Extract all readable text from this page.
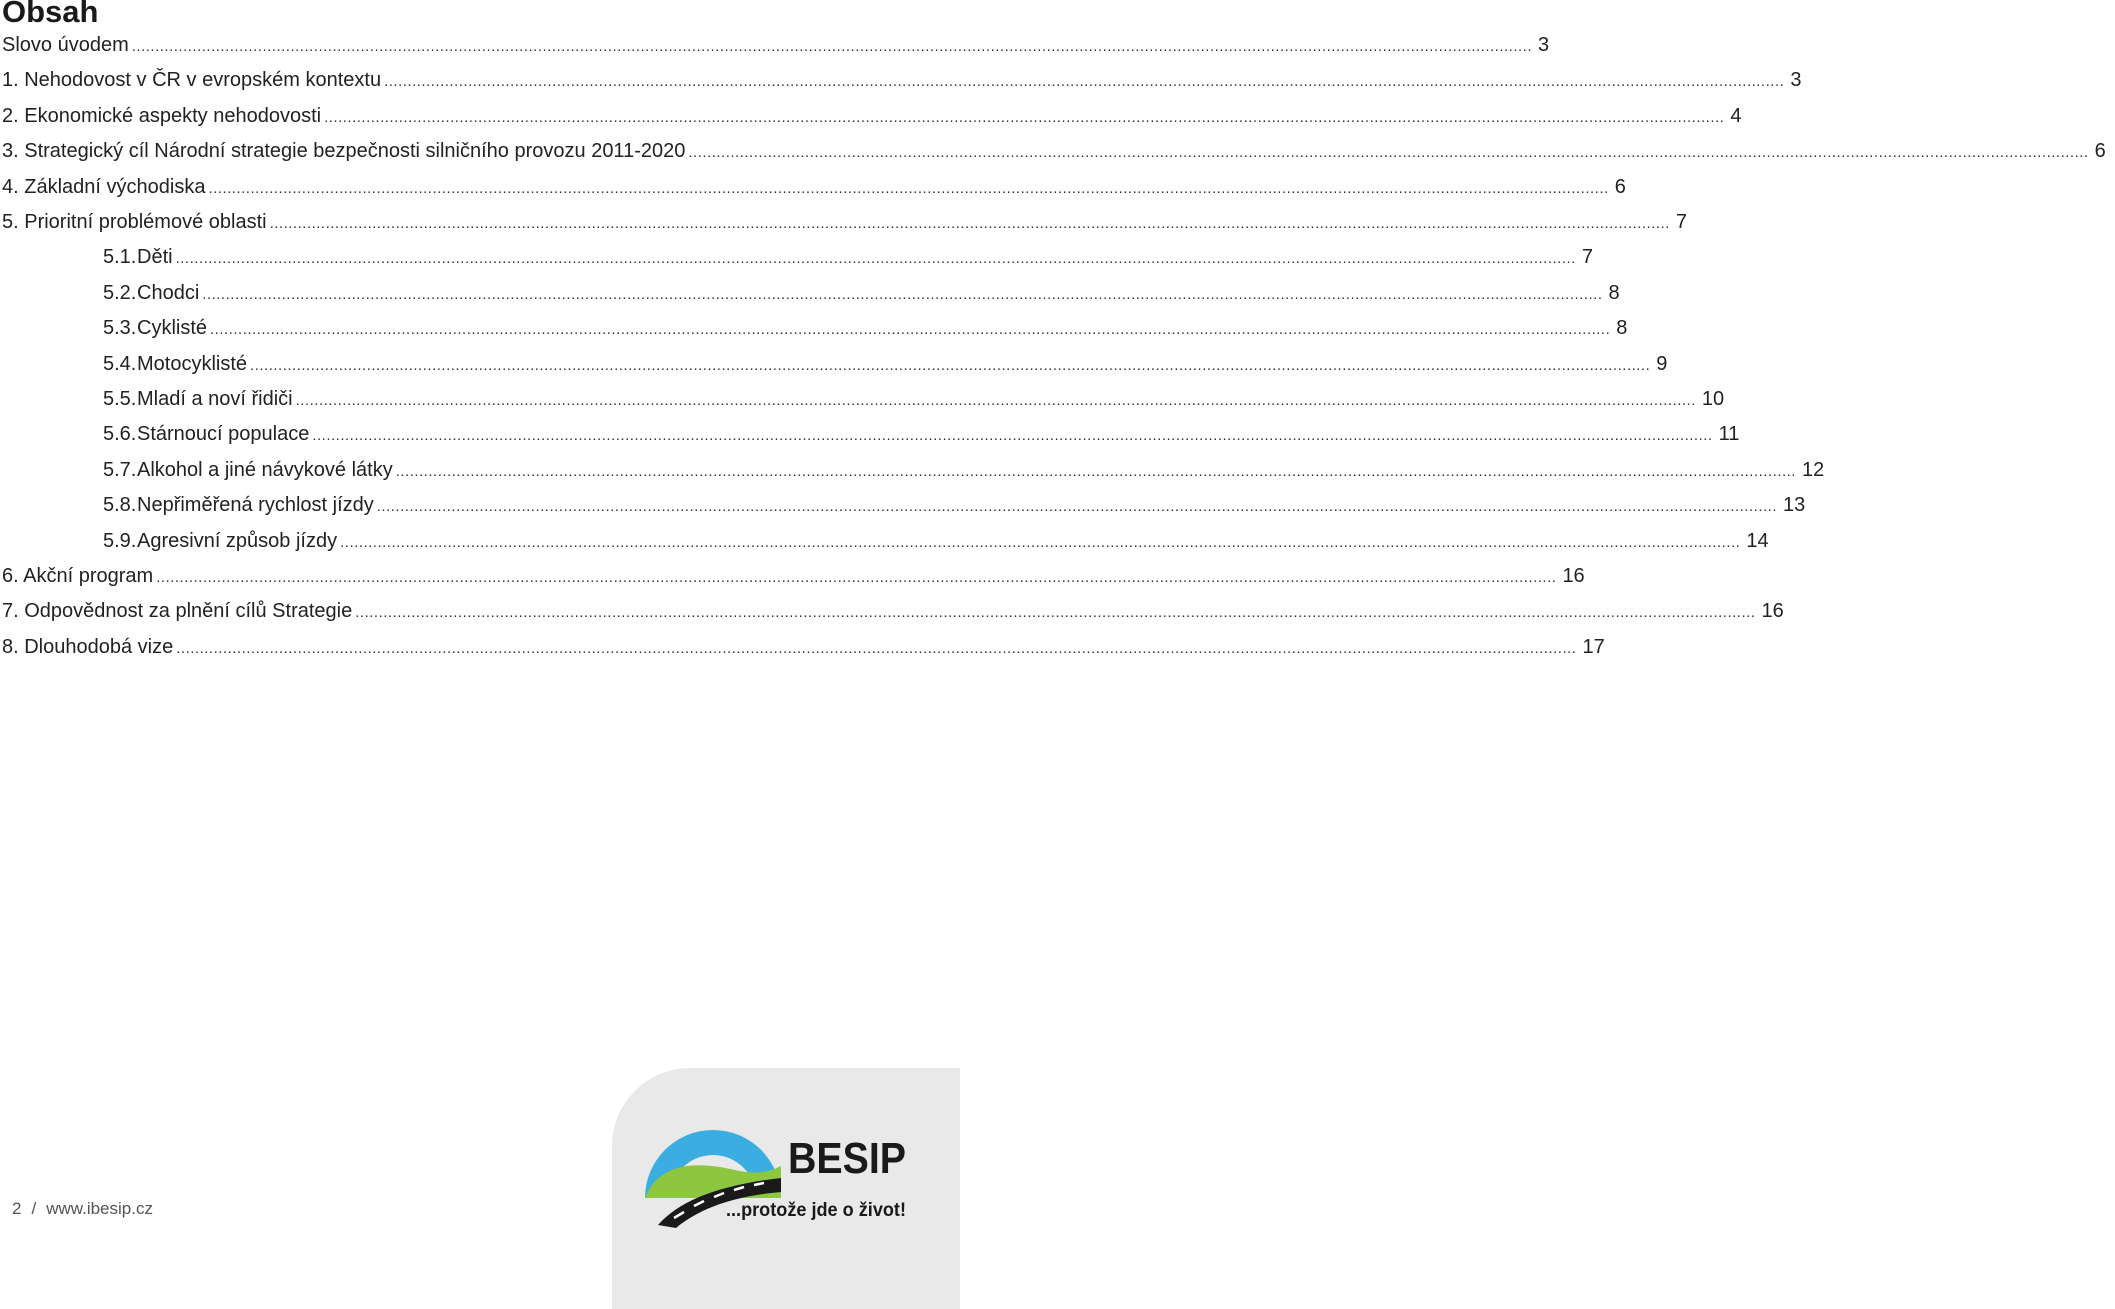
Obsah
Slovo úvodem ............................................................................................................................................................................................................................................................................................................ 3
1. Nehodovost v ČR v evropském kontextu ............................................................................................................................................................................................................................................................................................................ 3
2. Ekonomické aspekty nehodovosti ............................................................................................................................................................................................................................................................................................................ 4
3. Strategický cíl Národní strategie bezpečnosti silničního provozu 2011-2020 ............................................................................................................................................................................................................................................................................................................ 6
4. Základní východiska ............................................................................................................................................................................................................................................................................................................ 6
5. Prioritní problémové oblasti ............................................................................................................................................................................................................................................................................................................ 7
5.1.Děti ............................................................................................................................................................................................................................................................................................................ 7
5.2.Chodci ............................................................................................................................................................................................................................................................................................................ 8
5.3.Cyklisté ............................................................................................................................................................................................................................................................................................................ 8
5.4.Motocyklisté ............................................................................................................................................................................................................................................................................................................ 9
5.5.Mladí a noví řidiči ............................................................................................................................................................................................................................................................................................................ 10
5.6.Stárnoucí populace ............................................................................................................................................................................................................................................................................................................ 11
5.7.Alkohol a jiné návykové látky ............................................................................................................................................................................................................................................................................................................ 12
5.8.Nepřiměřená rychlost jízdy ............................................................................................................................................................................................................................................................................................................ 13
5.9.Agresivní způsob jízdy ............................................................................................................................................................................................................................................................................................................ 14
6. Akční program ............................................................................................................................................................................................................................................................................................................ 16
7. Odpovědnost za plnění cílů Strategie ............................................................................................................................................................................................................................................................................................................ 16
8. Dlouhodobá vize ............................................................................................................................................................................................................................................................................................................ 17
2 / www.ibesip.cz
BESIP
...protože jde o život!
